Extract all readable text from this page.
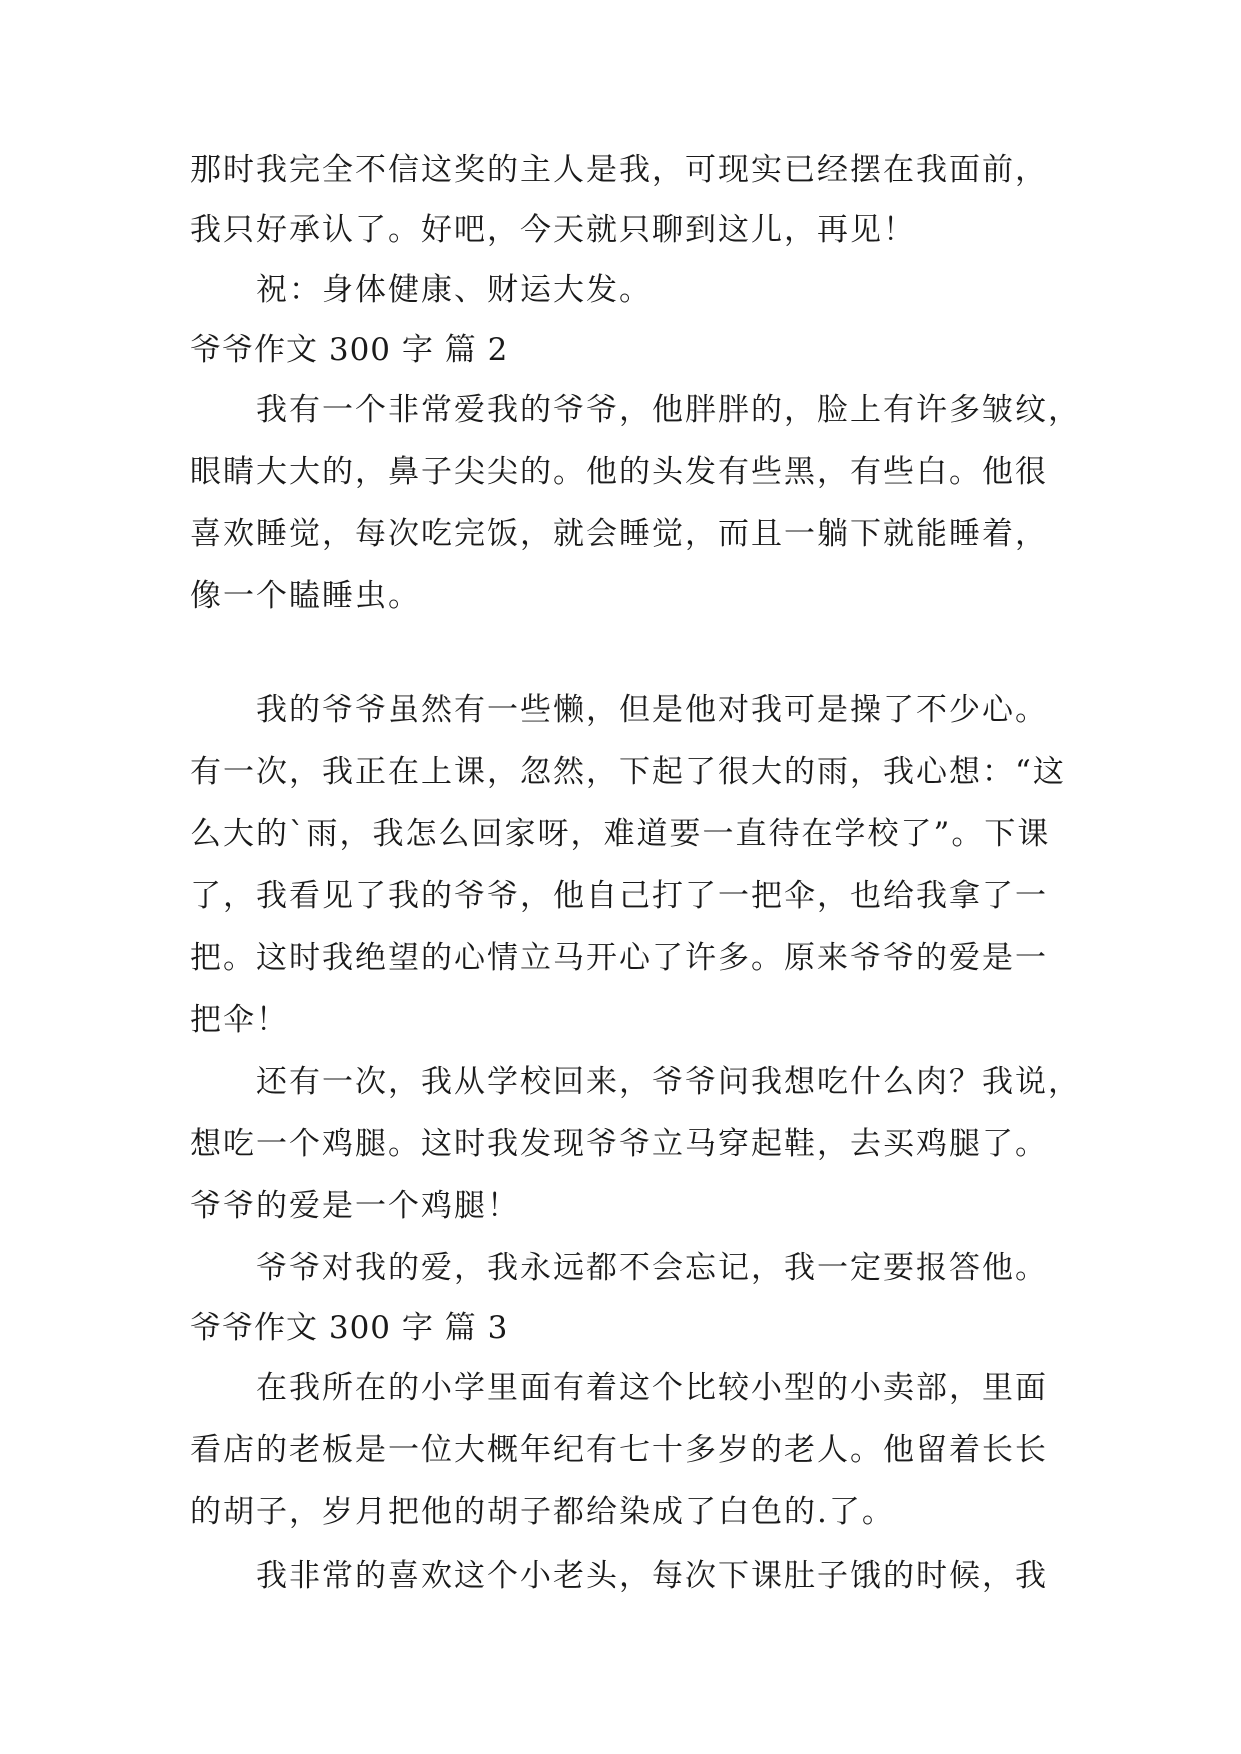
那时我完全不信这奖的主人是我，可现实已经摆在我面前，
我只好承认了。好吧，今天就只聊到这儿，再见！
　　祝：身体健康、财运大发。
爷爷作文 300 字 篇 2
　　我有一个非常爱我的爷爷，他胖胖的，脸上有许多皱纹，
眼睛大大的，鼻子尖尖的。他的头发有些黑，有些白。他很
喜欢睡觉，每次吃完饭，就会睡觉，而且一躺下就能睡着，
像一个瞌睡虫。
　　我的爷爷虽然有一些懒，但是他对我可是操了不少心。
有一次，我正在上课，忽然，下起了很大的雨，我心想：“这
么大的`雨，我怎么回家呀，难道要一直待在学校了”。下课
了，我看见了我的爷爷，他自己打了一把伞，也给我拿了一
把。这时我绝望的心情立马开心了许多。原来爷爷的爱是一
把伞！
　　还有一次，我从学校回来，爷爷问我想吃什么肉？我说，
想吃一个鸡腿。这时我发现爷爷立马穿起鞋，去买鸡腿了。
爷爷的爱是一个鸡腿！
　　爷爷对我的爱，我永远都不会忘记，我一定要报答他。
爷爷作文 300 字 篇 3
　　在我所在的小学里面有着这个比较小型的小卖部，里面
看店的老板是一位大概年纪有七十多岁的老人。他留着长长
的胡子，岁月把他的胡子都给染成了白色的.了。
　　我非常的喜欢这个小老头，每次下课肚子饿的时候，我
